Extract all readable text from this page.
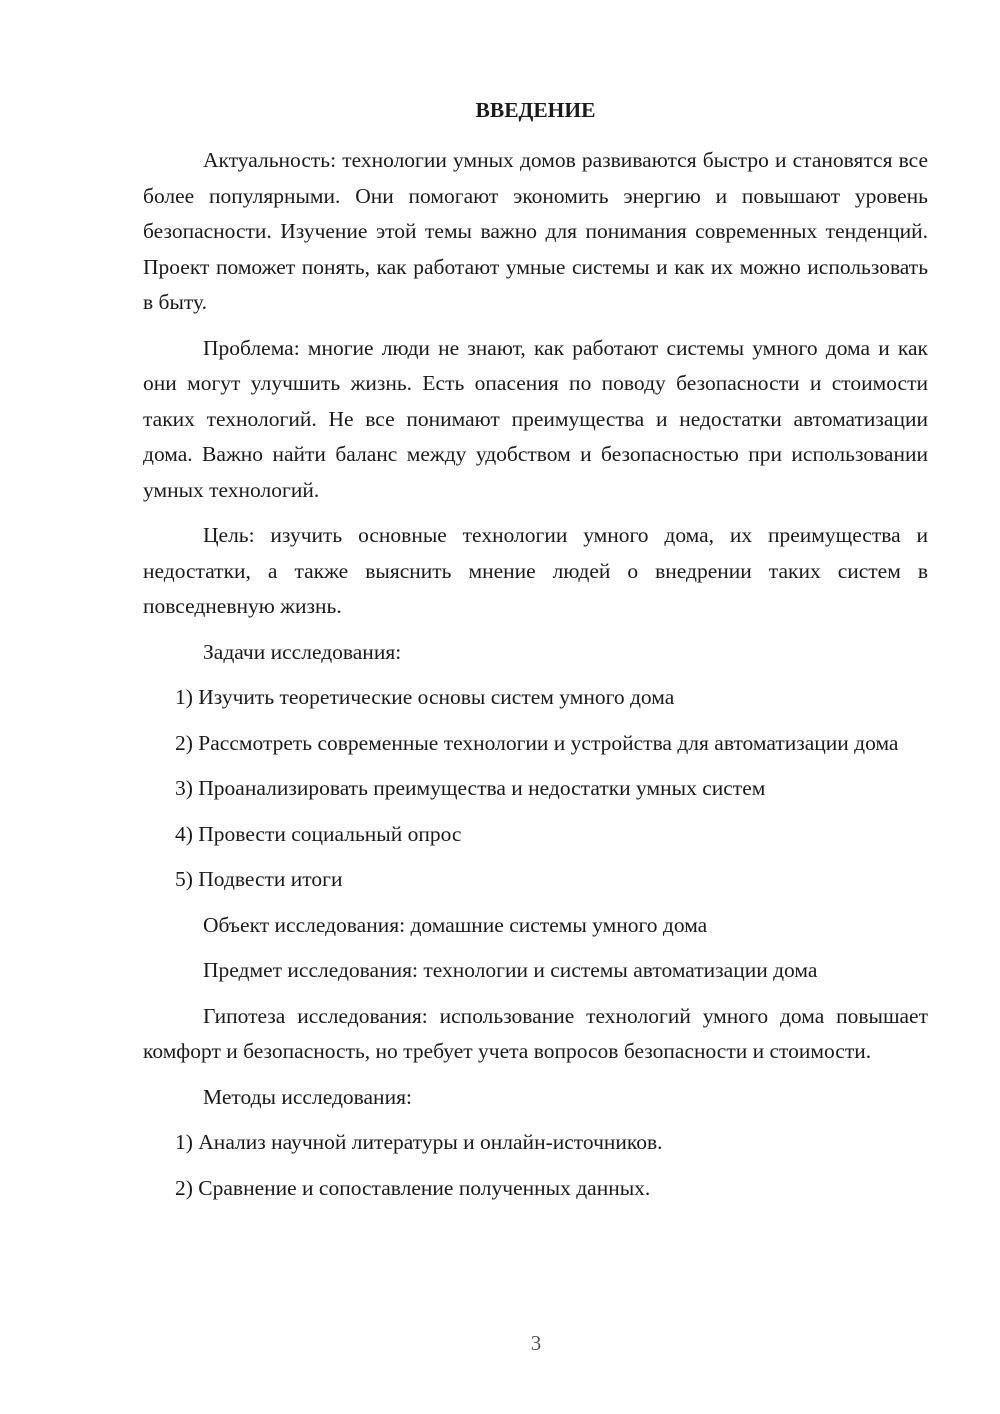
ВВЕДЕНИЕ

Актуальность: технологии умных домов развиваются быстро и становятся все более популярными. Они помогают экономить энергию и повышают уровень безопасности. Изучение этой темы важно для понимания современных тенденций. Проект поможет понять, как работают умные системы и как их можно использовать в быту.

Проблема: многие люди не знают, как работают системы умного дома и как они могут улучшить жизнь. Есть опасения по поводу безопасности и стоимости таких технологий. Не все понимают преимущества и недостатки автоматизации дома. Важно найти баланс между удобством и безопасностью при использовании умных технологий.

Цель: изучить основные технологии умного дома, их преимущества и недостатки, а также выяснить мнение людей о внедрении таких систем в повседневную жизнь.

Задачи исследования:

1) Изучить теоретические основы систем умного дома

2) Рассмотреть современные технологии и устройства для автоматизации дома

3) Проанализировать преимущества и недостатки умных систем

4) Провести социальный опрос

5) Подвести итоги

Объект исследования: домашние системы умного дома

Предмет исследования: технологии и системы автоматизации дома

Гипотеза исследования: использование технологий умного дома повышает комфорт и безопасность, но требует учета вопросов безопасности и стоимости.

Методы исследования:

1) Анализ научной литературы и онлайн-источников.

2) Сравнение и сопоставление полученных данных.

3
